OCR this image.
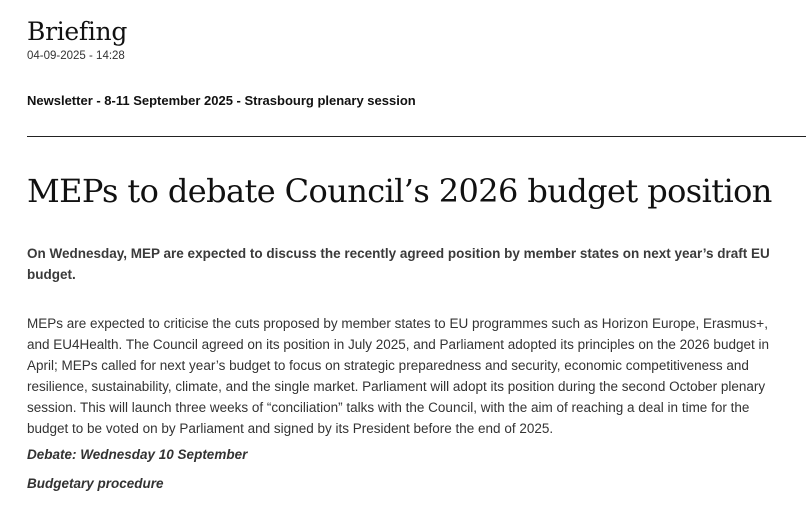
Briefing
04-09-2025 - 14:28
Newsletter - 8-11 September 2025 - Strasbourg plenary session
MEPs to debate Council’s 2026 budget position

On Wednesday, MEP are expected to discuss the recently agreed position by member states on next year’s draft EU budget.

MEPs are expected to criticise the cuts proposed by member states to EU programmes such as Horizon Europe, Erasmus+, and EU4Health. The Council agreed on its position in July 2025, and Parliament adopted its principles on the 2026 budget in April; MEPs called for next year’s budget to focus on strategic preparedness and security, economic competitiveness and resilience, sustainability, climate, and the single market. Parliament will adopt its position during the second October plenary session. This will launch three weeks of “conciliation” talks with the Council, with the aim of reaching a deal in time for the budget to be voted on by Parliament and signed by its President before the end of 2025.

Debate: Wednesday 10 September
Budgetary procedure
